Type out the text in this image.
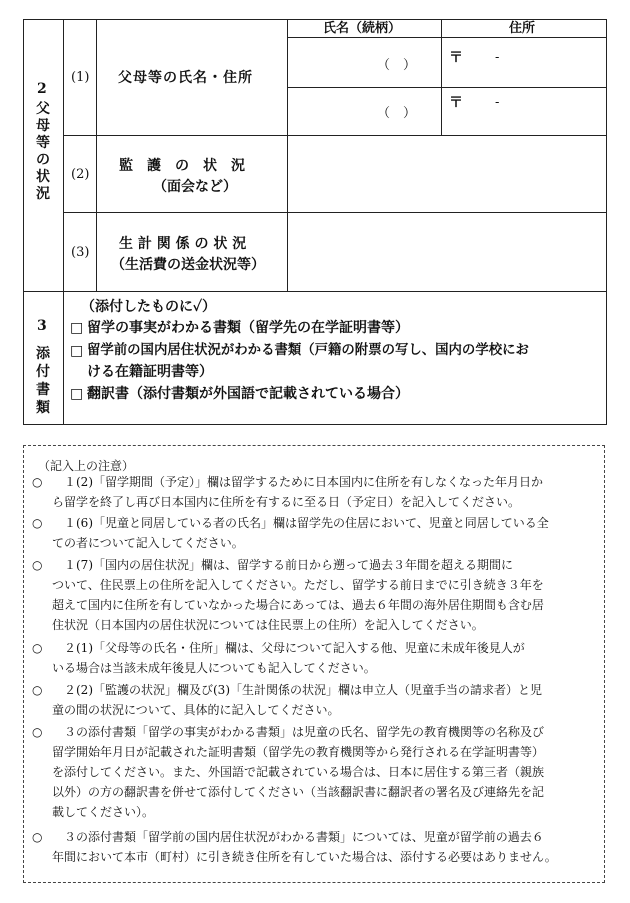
氏名（続柄）	住所
2
父
母
等
の
状
況
(1) 父母等の氏名・住所
（　） 〒 -
（　）
〒 -
(2)
監　護　の　状　況
（面会など）
(3)
生 計 関 係 の 状 況
（生活費の送金状況等）
3
添
付
書
類
（添付したものに✓）
□ 留学の事実がわかる書類（留学先の在学証明書等）
□ 留学前の国内居住状況がわかる書類（戸籍の附票の写し、国内の学校にお
ける在籍証明書等）
□ 翻訳書（添付書類が外国語で記載されている場合）
（記入上の注意）
○ １(2)「留学期間（予定）」欄は留学するために日本国内に住所を有しなくなった年月日か
ら留学を終了し再び日本国内に住所を有するに至る日（予定日）を記入してください。
○ １(6)「児童と同居している者の氏名」欄は留学先の住居において、児童と同居している全
ての者について記入してください。
○ １(7)「国内の居住状況」欄は、留学する前日から遡って過去３年間を超える期間に
ついて、住民票上の住所を記入してください。ただし、留学する前日までに引き続き３年を
超えて国内に住所を有していなかった場合にあっては、過去６年間の海外居住期間も含む居
住状況（日本国内の居住状況については住民票上の住所）を記入してください。
○ ２(1)「父母等の氏名・住所」欄は、父母について記入する他、児童に未成年後見人が
いる場合は当該未成年後見人についても記入してください。
○ ２(2)「監護の状況」欄及び(3)「生計関係の状況」欄は申立人（児童手当の請求者）と児
童の間の状況について、具体的に記入してください。
○ ３の添付書類「留学の事実がわかる書類」は児童の氏名、留学先の教育機関等の名称及び
留学開始年月日が記載された証明書類（留学先の教育機関等から発行される在学証明書等）
を添付してください。また、外国語で記載されている場合は、日本に居住する第三者（親族
以外）の方の翻訳書を併せて添付してください（当該翻訳書に翻訳者の署名及び連絡先を記
載してください）。
○ ３の添付書類「留学前の国内居住状況がわかる書類」については、児童が留学前の過去６
年間において本市（町村）に引き続き住所を有していた場合は、添付する必要はありません。
